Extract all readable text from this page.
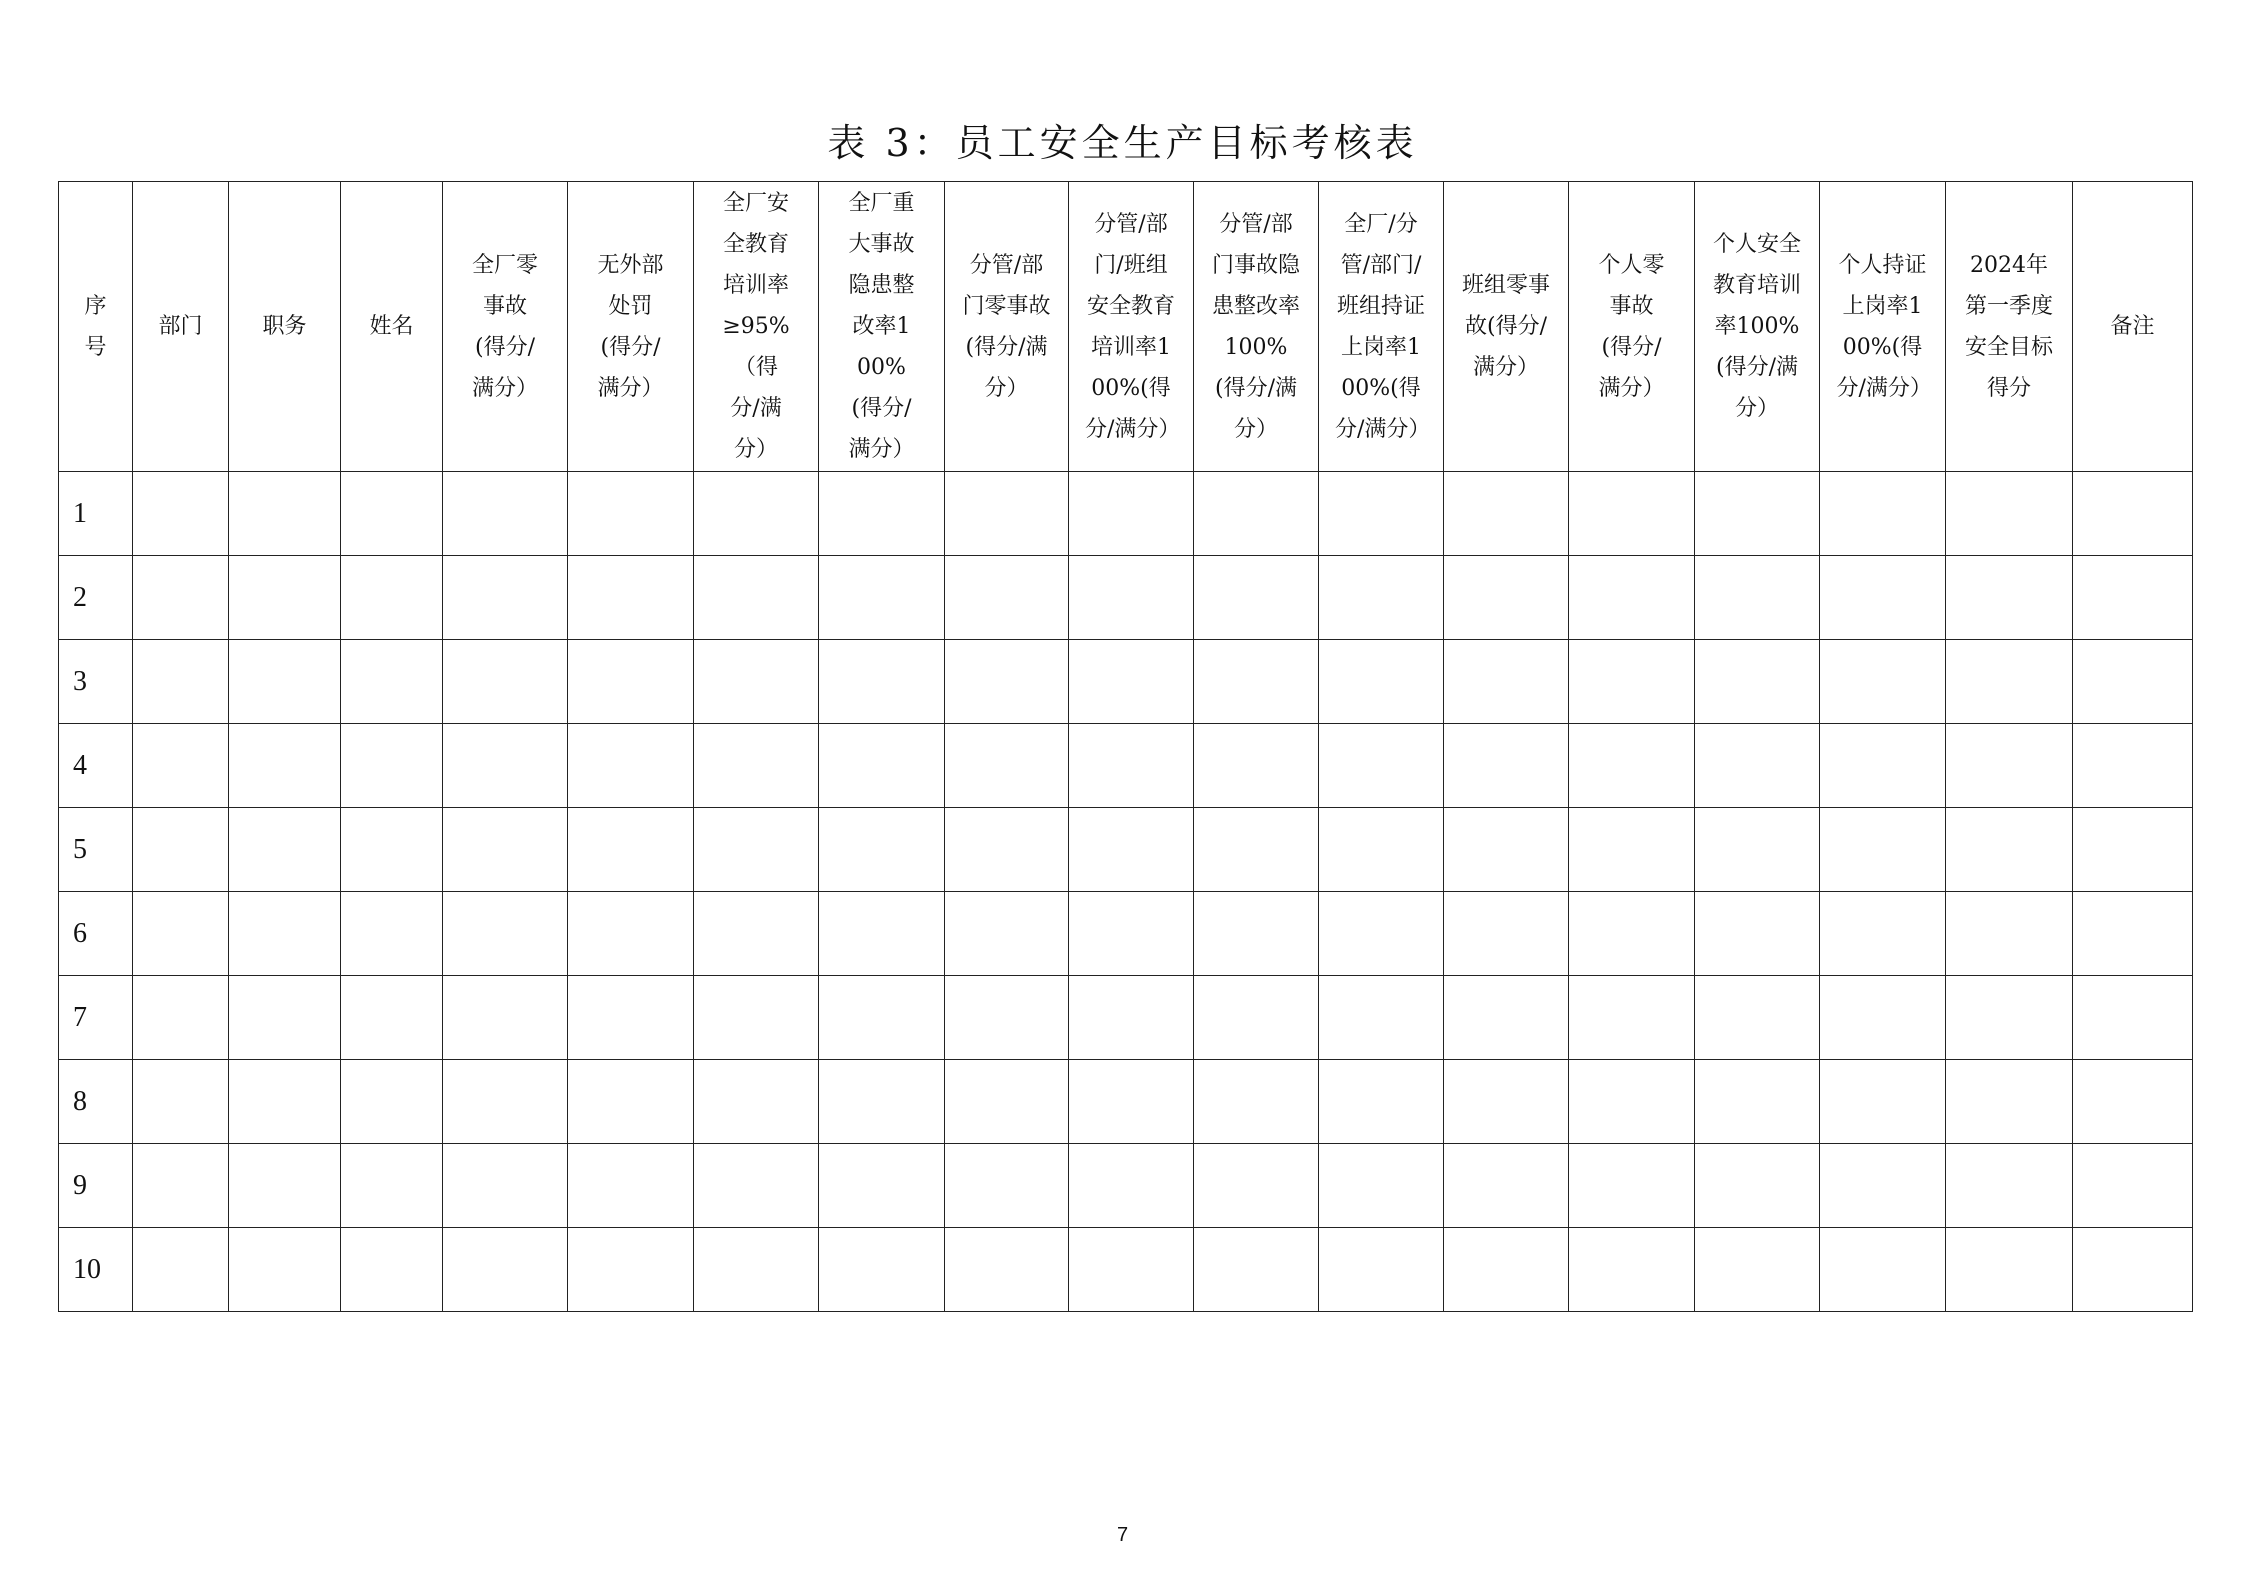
表 3：员工安全生产目标考核表
序号	部门	职务	姓名	全厂零事故(得分/满分）	无外部处罚(得分/满分）	全厂安全教育培训率≥95%（得分/满分）	全厂重大事故隐患整改率100%(得分/满分）	分管/部门零事故(得分/满分）	分管/部门/班组安全教育培训率100%(得分/满分）	分管/部门事故隐患整改率100%(得分/满分）	全厂/分管/部门/班组持证上岗率100%(得分/满分）	班组零事故(得分/满分）	个人零事故(得分/满分）	个人安全教育培训率100%(得分/满分）	个人持证上岗率100%(得分/满分）	2024年第一季度安全目标得分	备注

1																	
2																	
3																	
4																	
5																	
6																	
7																	
8																	
9																	
10																	
7
